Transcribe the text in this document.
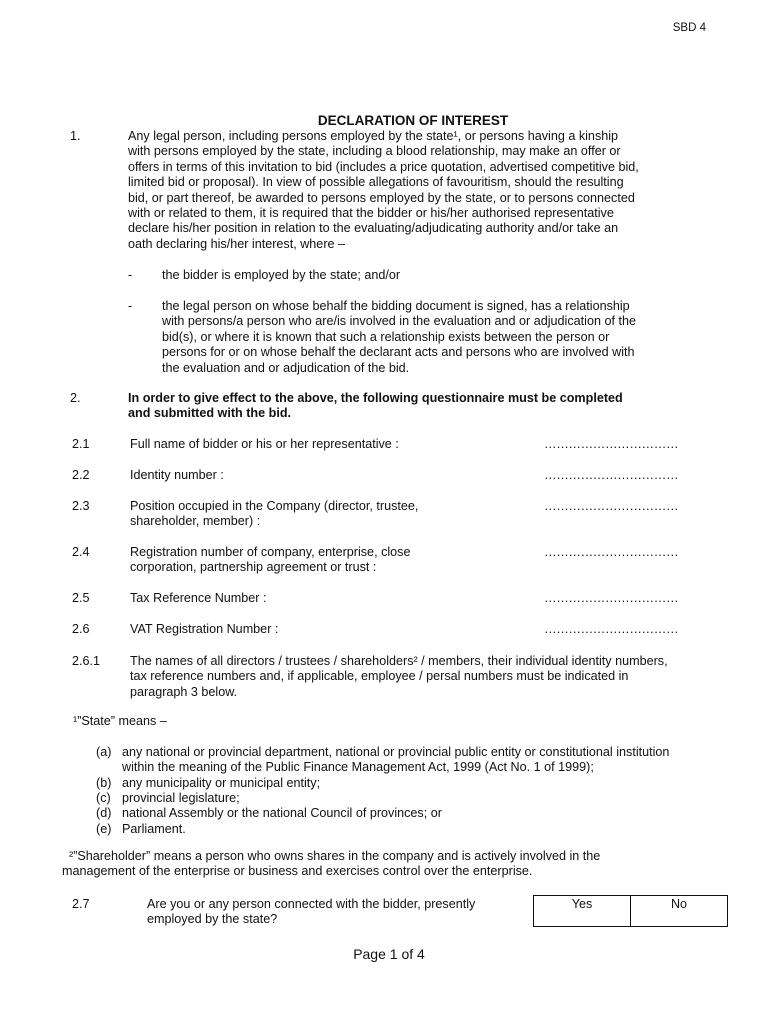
SBD 4
DECLARATION OF INTEREST
1.	Any legal person, including persons employed by the state¹, or persons having a kinship
with persons employed by the state, including a blood relationship, may make an offer or
offers in terms of this invitation to bid (includes a price quotation, advertised competitive bid,
limited bid or proposal). In view of possible allegations of favouritism, should the resulting
bid, or part thereof, be awarded to persons employed by the state, or to persons connected
with or related to them, it is required that the bidder or his/her authorised representative
declare his/her position in relation to the evaluating/adjudicating authority and/or take an
oath declaring his/her interest, where –
- the bidder is employed by the state; and/or
- the legal person on whose behalf the bidding document is signed, has a relationship
with persons/a person who are/is involved in the evaluation and or adjudication of the
bid(s), or where it is known that such a relationship exists between the person or
persons for or on whose behalf the declarant acts and persons who are involved with
the evaluation and or adjudication of the bid.
2.	In order to give effect to the above, the following questionnaire must be completed
and submitted with the bid.
2.1	Full name of bidder or his or her representative :	……………………………
2.2	Identity number :	……………………………
2.3	Position occupied in the Company (director, trustee,
shareholder, member) :
……………………………
2.4	Registration number of company, enterprise, close
corporation, partnership agreement or trust :
……………………………
2.5	Tax Reference Number :	……………………………
2.6	VAT Registration Number :	……………………………
2.6.1 The names of all directors / trustees / shareholders² / members, their individual identity numbers,
tax reference numbers and, if applicable, employee / persal numbers must be indicated in
paragraph 3 below.
¹”State” means –
(a) any national or provincial department, national or provincial public entity or constitutional institution
within the meaning of the Public Finance Management Act, 1999 (Act No. 1 of 1999);
(b) any municipality or municipal entity;
(c) provincial legislature;
(d) national Assembly or the national Council of provinces; or
(e) Parliament.
²”Shareholder” means a person who owns shares in the company and is actively involved in the
management of the enterprise or business and exercises control over the enterprise.
2.7	Are you or any person connected with the bidder, presently
employed by the state?
Yes	No
Page 1 of 4
